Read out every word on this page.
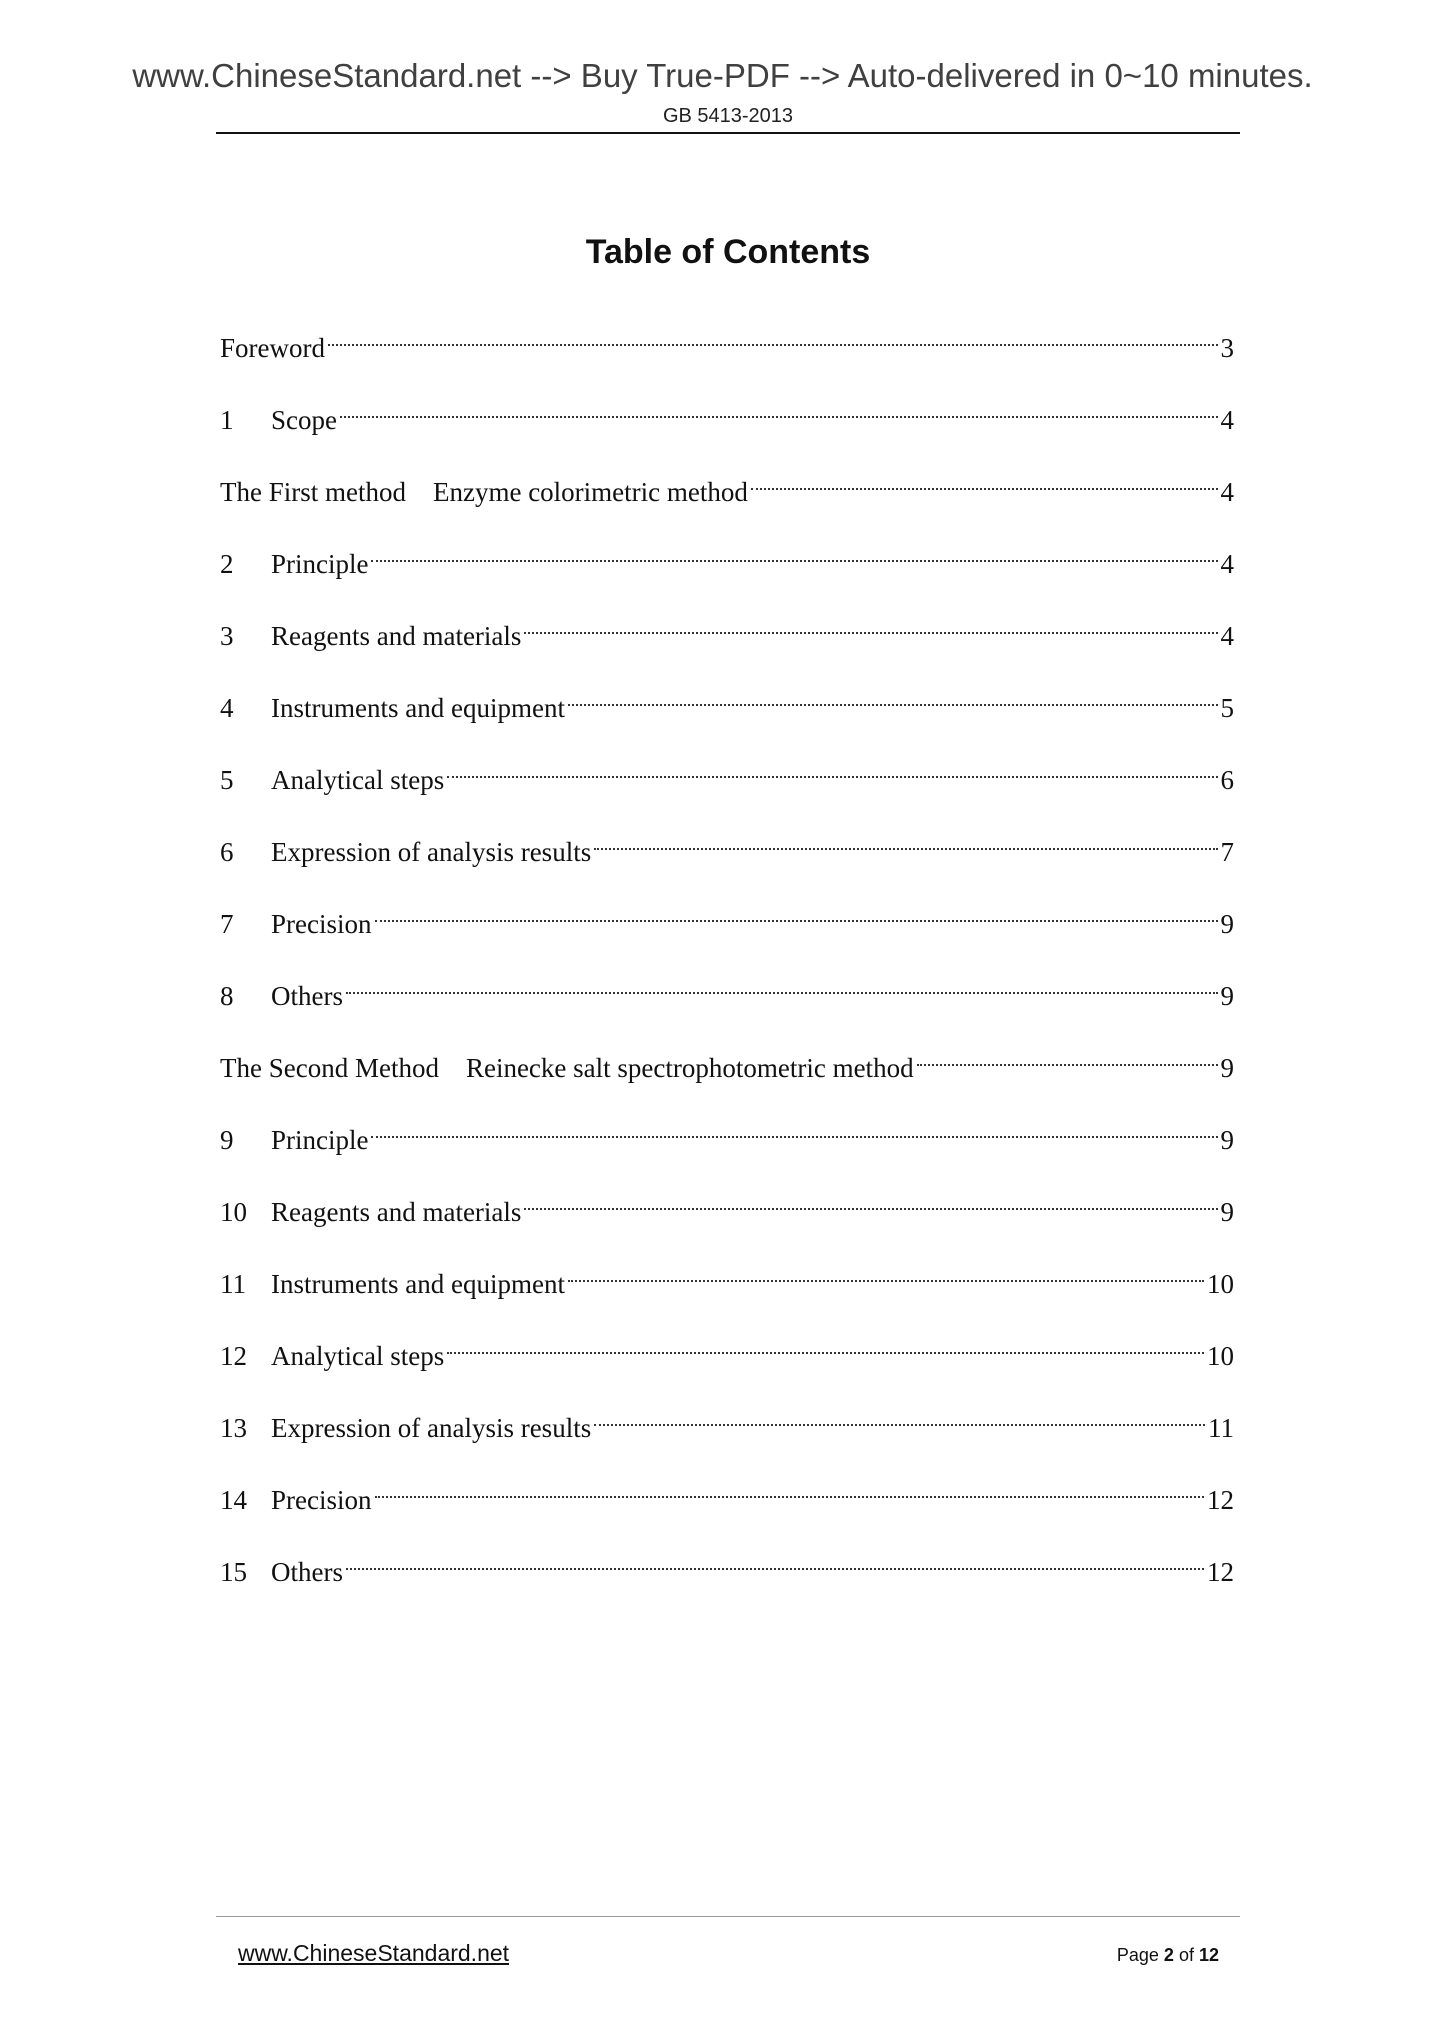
www.ChineseStandard.net --> Buy True-PDF --> Auto-delivered in 0~10 minutes.
GB 5413-2013
Table of Contents
Foreword	3
1	Scope	4
The First method Enzyme colorimetric method	4
2	Principle	4
3	Reagents and materials	4
4	Instruments and equipment	5
5	Analytical steps	6
6	Expression of analysis results	7
7	Precision	9
8	Others	9
The Second Method Reinecke salt spectrophotometric method	9
9	Principle	9
10 Reagents and materials	9
11 Instruments and equipment	10
12 Analytical steps	10
13 Expression of analysis results	11
14 Precision	12
15 Others	12
www.ChineseStandard.net	Page 2 of 12
